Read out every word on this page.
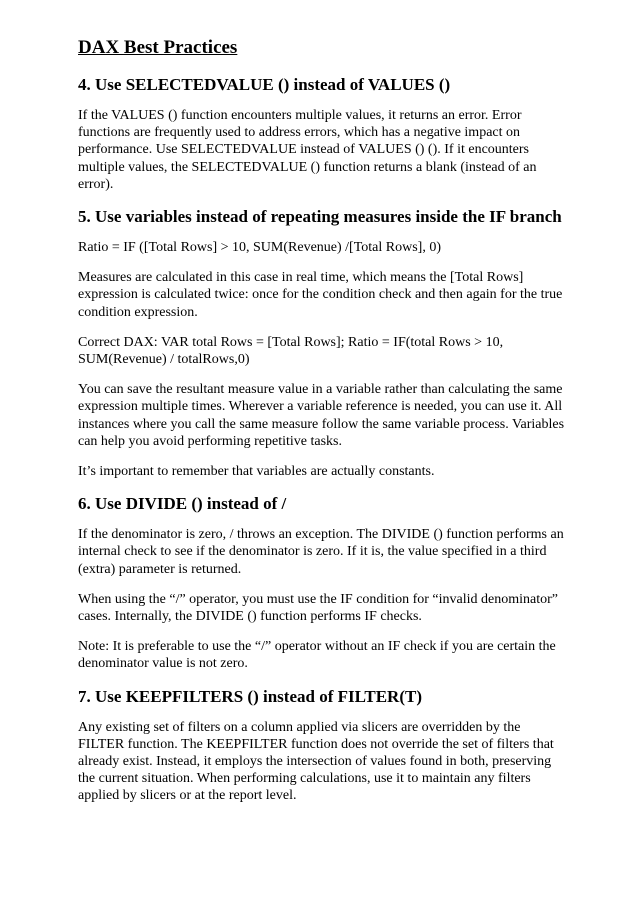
DAX Best Practices
4. Use SELECTEDVALUE () instead of VALUES ()

If the VALUES () function encounters multiple values, it returns an error. Error functions are frequently used to address errors, which has a negative impact on performance. Use SELECTEDVALUE instead of VALUES () (). If it encounters multiple values, the SELECTEDVALUE () function returns a blank (instead of an error).

5. Use variables instead of repeating measures inside the IF branch

Ratio = IF ([Total Rows] > 10, SUM(Revenue) /[Total Rows], 0)

Measures are calculated in this case in real time, which means the [Total Rows] expression is calculated twice: once for the condition check and then again for the true condition expression.

Correct DAX: VAR total Rows = [Total Rows]; Ratio = IF(total Rows > 10, SUM(Revenue) / totalRows,0)

You can save the resultant measure value in a variable rather than calculating the same expression multiple times. Wherever a variable reference is needed, you can use it. All instances where you call the same measure follow the same variable process. Variables can help you avoid performing repetitive tasks.

It’s important to remember that variables are actually constants.

6. Use DIVIDE () instead of /

If the denominator is zero, / throws an exception. The DIVIDE () function performs an internal check to see if the denominator is zero. If it is, the value specified in a third (extra) parameter is returned.

When using the “/” operator, you must use the IF condition for “invalid denominator” cases. Internally, the DIVIDE () function performs IF checks.

Note: It is preferable to use the “/” operator without an IF check if you are certain the denominator value is not zero.

7. Use KEEPFILTERS () instead of FILTER(T)

Any existing set of filters on a column applied via slicers are overridden by the FILTER function. The KEEPFILTER function does not override the set of filters that already exist. Instead, it employs the intersection of values found in both, preserving the current situation. When performing calculations, use it to maintain any filters applied by slicers or at the report level.
